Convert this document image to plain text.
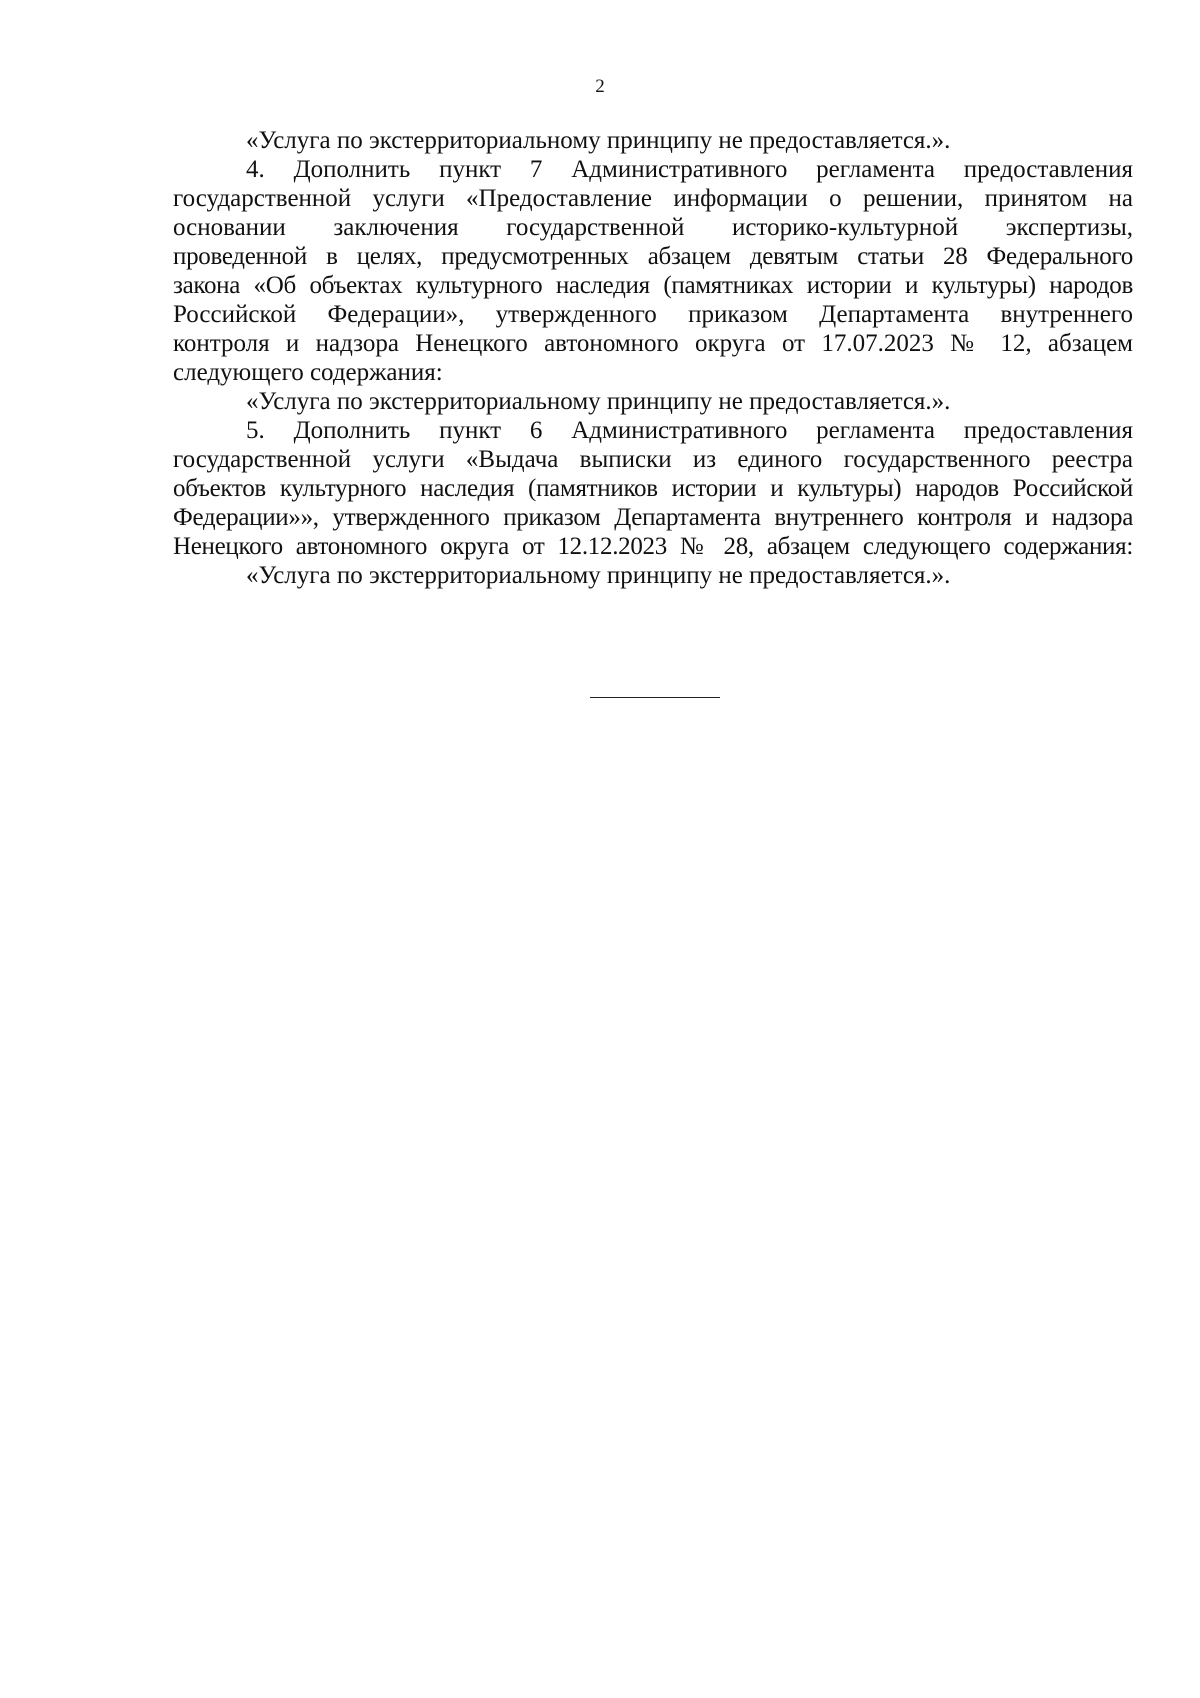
2

«Услуга по экстерриториальному принципу не предоставляется.».

4. Дополнить пункт 7 Административного регламента предоставления

государственной услуги «Предоставление информации о решении, принятом на

основании заключения государственной историко-культурной экспертизы,

проведенной в целях, предусмотренных абзацем девятым статьи 28 Федерального

закона «Об объектах культурного наследия (памятниках истории и культуры) народов

Российской Федерации», утвержденного приказом Департамента внутреннего

контроля и надзора Ненецкого автономного округа от 17.07.2023 № 12, абзацем

следующего содержания:

«Услуга по экстерриториальному принципу не предоставляется.».

5. Дополнить пункт 6 Административного регламента предоставления

государственной услуги «Выдача выписки из единого государственного реестра

объектов культурного наследия (памятников истории и культуры) народов Российской

Федерации»», утвержденного приказом Департамента внутреннего контроля и надзора

Ненецкого автономного округа от 12.12.2023 № 28, абзацем следующего содержания:

«Услуга по экстерриториальному принципу не предоставляется.».
